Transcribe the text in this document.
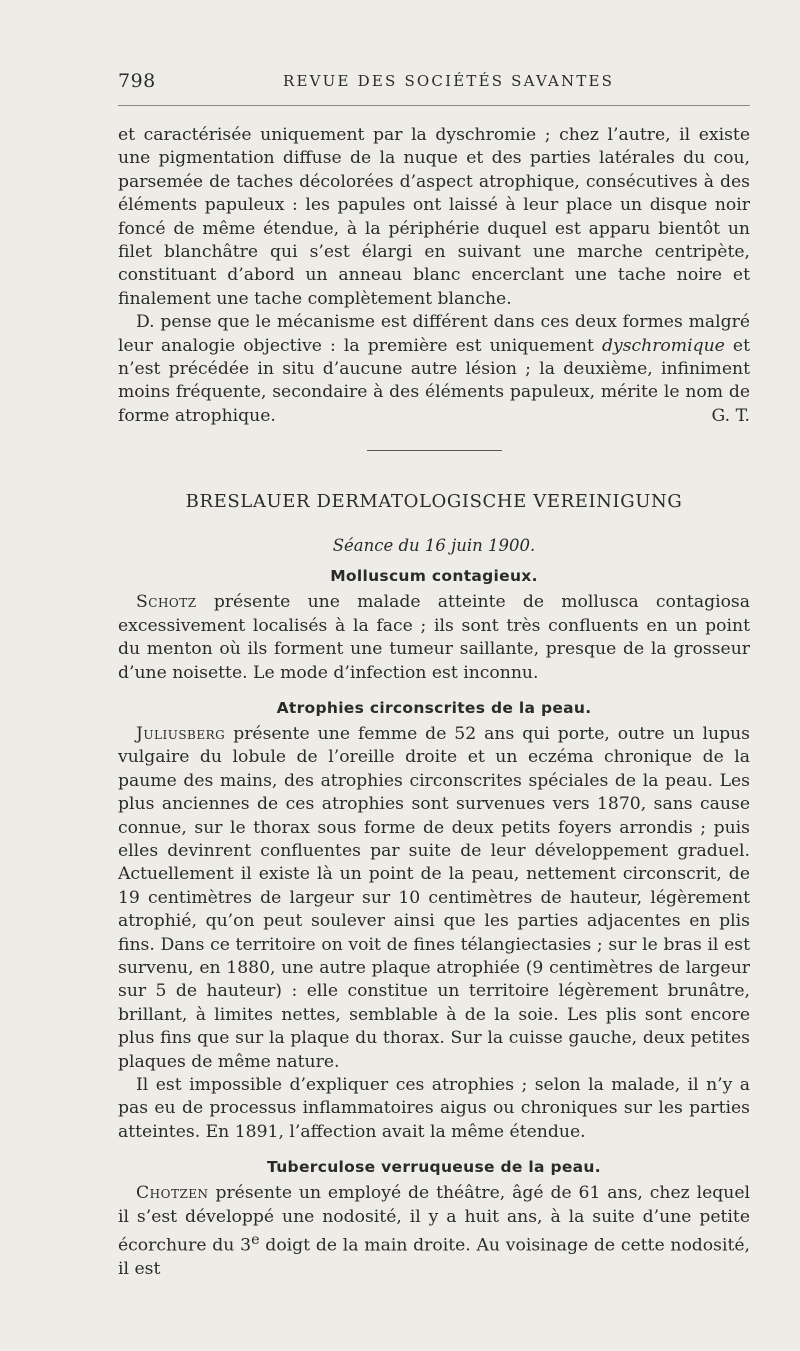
798	REVUE DES SOCIÉTÉS SAVANTES

et caractérisée uniquement par la dyschromie ; chez l’autre, il existe une pigmentation diffuse de la nuque et des parties latérales du cou, parsemée de taches décolorées d’aspect atrophique, consécutives à des éléments papuleux : les papules ont laissé à leur place un disque noir foncé de même étendue, à la périphérie duquel est apparu bientôt un filet blanchâtre qui s’est élargi en suivant une marche centripète, constituant d’abord un anneau blanc encerclant une tache noire et finalement une tache complètement blanche.

D. pense que le mécanisme est différent dans ces deux formes malgré leur analogie objective : la première est uniquement dyschromique et n’est précédée in situ d’aucune autre lésion ; la deuxième, infiniment moins fréquente, secondaire à des éléments papuleux, mérite le nom de forme atrophique.	G. T.

BRESLAUER DERMATOLOGISCHE VEREINIGUNG
Séance du 16 juin 1900.
Molluscum contagieux.

Schotz présente une malade atteinte de mollusca contagiosa excessivement localisés à la face ; ils sont très confluents en un point du menton où ils forment une tumeur saillante, presque de la grosseur d’une noisette. Le mode d’infection est inconnu.

Atrophies circonscrites de la peau.

Juliusberg présente une femme de 52 ans qui porte, outre un lupus vulgaire du lobule de l’oreille droite et un eczéma chronique de la paume des mains, des atrophies circonscrites spéciales de la peau. Les plus anciennes de ces atrophies sont survenues vers 1870, sans cause connue, sur le thorax sous forme de deux petits foyers arrondis ; puis elles devinrent confluentes par suite de leur développement graduel. Actuellement il existe là un point de la peau, nettement circonscrit, de 19 centimètres de largeur sur 10 centimètres de hauteur, légèrement atrophié, qu’on peut soulever ainsi que les parties adjacentes en plis fins. Dans ce territoire on voit de fines télangiectasies ; sur le bras il est survenu, en 1880, une autre plaque atrophiée (9 centimètres de largeur sur 5 de hauteur) : elle constitue un territoire légèrement brunâtre, brillant, à limites nettes, semblable à de la soie. Les plis sont encore plus fins que sur la plaque du thorax. Sur la cuisse gauche, deux petites plaques de même nature.

Il est impossible d’expliquer ces atrophies ; selon la malade, il n’y a pas eu de processus inflammatoires aigus ou chroniques sur les parties atteintes. En 1891, l’affection avait la même étendue.

Tuberculose verruqueuse de la peau.

Chotzen présente un employé de théâtre, âgé de 61 ans, chez lequel il s’est développé une nodosité, il y a huit ans, à la suite d’une petite écorchure du 3e doigt de la main droite. Au voisinage de cette nodosité, il est
